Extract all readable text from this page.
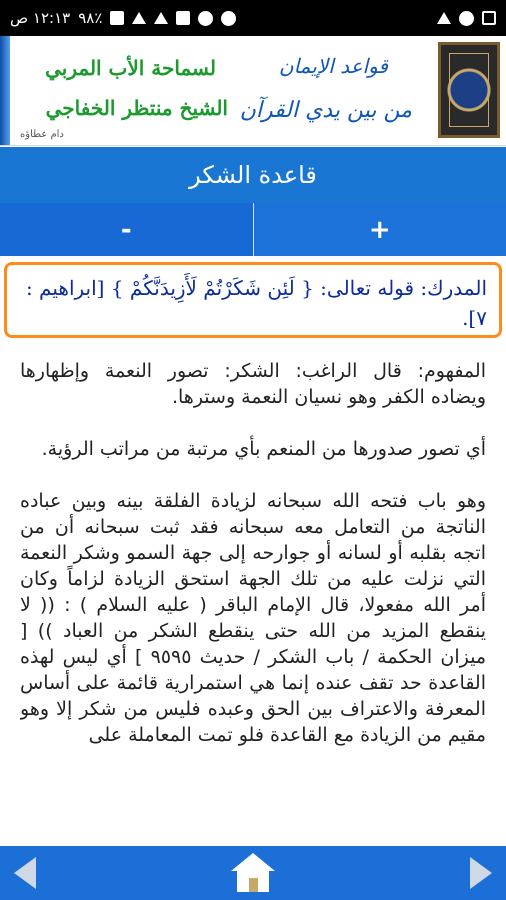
١٢:١٣ ص ٩٨٪
قواعد الإيمان
من بين يدي القرآن
لسماحة الأب المربي
الشيخ منتظر الخفاجي
دام عطاؤه
قاعدة الشكر
-	+
المدرك: قوله تعالى: { لَئِن شَكَرْتُمْ لَأَزِيدَنَّكُمْ } [ابراهيم : ٧].

المفهوم: قال الراغب: الشكر: تصور النعمة وإظهارها ويضاده الكفر وهو نسيان النعمة وسترها.

أي تصور صدورها من المنعم بأي مرتبة من مراتب الرؤية.

وهو باب فتحه الله سبحانه لزيادة الفلقة بينه وبين عباده الناتجة من التعامل معه سبحانه فقد ثبت سبحانه أن من اتجه بقلبه أو لسانه أو جوارحه إلى جهة السمو وشكر النعمة التي نزلت عليه من تلك الجهة استحق الزيادة لزاماً وكان أمر الله مفعولا، قال الإمام الباقر ( عليه السلام ) : (( لا ينقطع المزيد من الله حتى ينقطع الشكر من العباد )) [ ميزان الحكمة / باب الشكر / حديث ٩٥٩٥ ] أي ليس لهذه القاعدة حد تقف عنده إنما هي استمرارية قائمة على أساس المعرفة والاعتراف بين الحق وعبده فليس من شكر إلا وهو مقيم من الزيادة مع القاعدة فلو تمت المعاملة على
